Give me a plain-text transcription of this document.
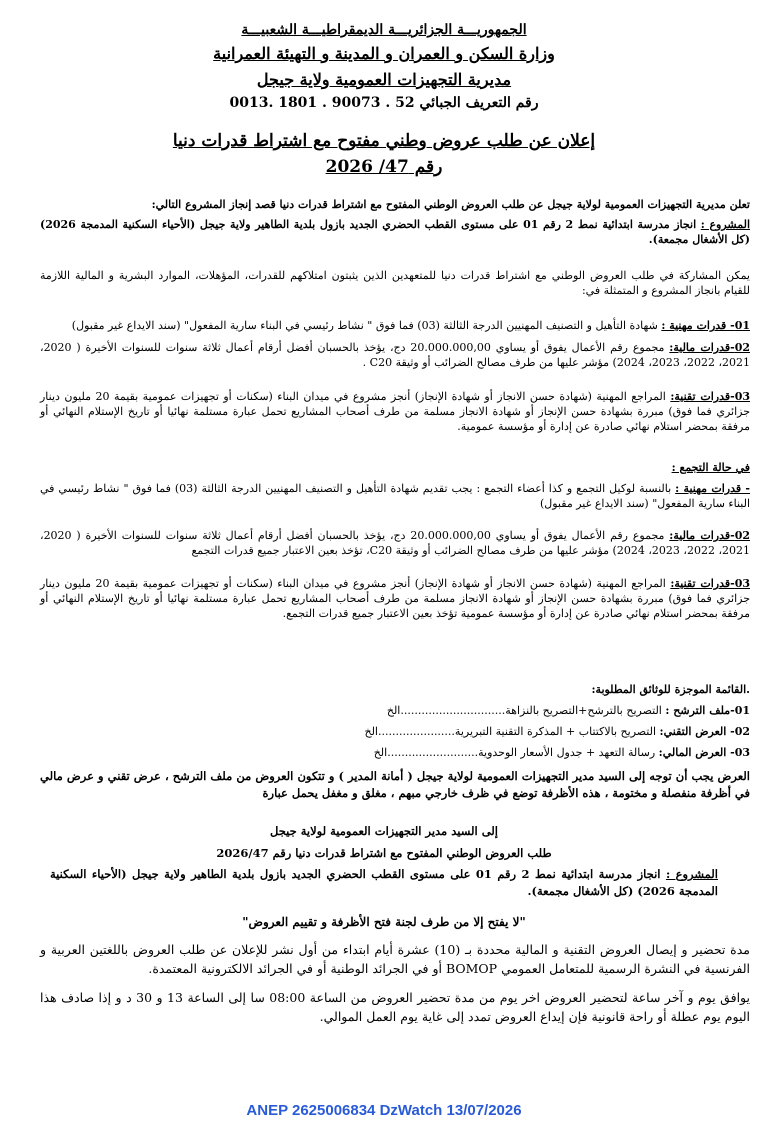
الجمهوريـــة الجزائريـــة الديمقراطيـــة الشعبيـــة
وزارة السكن و العمران و المدينة و التهيئة العمرانية
مديرية التجهيزات العمومية ولاية جيجل
رقم التعريف الجبائي 52 . 90073 . 1801 .0013
إعلان عن طلب عروض وطني مفتوح مع اشتراط قدرات دنيا
رقم 47/ 2026
تعلن مديرية التجهيزات العمومية لولاية جيجل عن طلب العروض الوطني المفتوح مع اشتراط قدرات دنيا قصد إنجاز المشروع التالي:
المشروع : انجاز مدرسة ابتدائية نمط 2 رقم 01 على مستوى القطب الحضري الجديد بازول بلدية الطاهير ولاية جيجل (الأحياء السكنية المدمجة 2026) (كل الأشغال مجمعة).
يمكن المشاركة في طلب العروض الوطني مع اشتراط قدرات دنيا للمتعهدين الذين يثبتون امتلاكهم للقدرات، المؤهلات، الموارد البشرية و المالية اللازمة للقيام بانجاز المشروع و المتمثلة في:
01- قدرات مهنية : شهادة التأهيل و التصنيف المهنيين الدرجة الثالثة (03) فما فوق " نشاط رئيسي في البناء سارية المفعول" (سند الايداع غير مقبول)
02-قدرات مالية: مجموع رقم الأعمال يفوق أو يساوي 20.000.000,00 دج، يؤخذ بالحسبان أفضل أرقام أعمال ثلاثة سنوات للسنوات الأخيرة ( 2020، 2021، 2022، 2023، 2024) مؤشر عليها من طرف مصالح الضرائب أو وثيقة C20 .
03-قدرات تقنية: المراجع المهنية (شهادة حسن الانجاز أو شهادة الإنجاز) أنجز مشروع في ميدان البناء (سكنات أو تجهيزات عمومية بقيمة 20 مليون دينار جزائري فما فوق) مبررة بشهادة حسن الإنجاز أو شهادة الانجاز مسلمة من طرف أصحاب المشاريع تحمل عبارة مستلمة نهائيا أو تاريخ الإستلام النهائي أو مرفقة بمحضر استلام نهائي صادرة عن إدارة أو مؤسسة عمومية.
في حالة التجمع :
- قدرات مهنية : بالنسبة لوكيل التجمع و كذا أعضاء التجمع : يجب تقديم شهادة التأهيل و التصنيف المهنيين الدرجة الثالثة (03) فما فوق " نشاط رئيسي في البناء سارية المفعول" (سند الايداع غير مقبول)
02-قدرات مالية: مجموع رقم الأعمال يفوق أو يساوي 20.000.000,00 دج، يؤخذ بالحسبان أفضل أرقام أعمال ثلاثة سنوات للسنوات الأخيرة ( 2020، 2021، 2022، 2023، 2024) مؤشر عليها من طرف مصالح الضرائب أو وثيقة C20، تؤخذ بعين الاعتبار جميع قدرات التجمع
03-قدرات تقنية: المراجع المهنية (شهادة حسن الانجاز أو شهادة الإنجاز) أنجز مشروع في ميدان البناء (سكنات أو تجهيزات عمومية بقيمة 20 مليون دينار جزائري فما فوق) مبررة بشهادة حسن الإنجاز أو شهادة الانجاز مسلمة من طرف أصحاب المشاريع تحمل عبارة مستلمة نهائيا أو تاريخ الإستلام النهائي أو مرفقة بمحضر استلام نهائي صادرة عن إدارة أو مؤسسة عمومية تؤخذ بعين الاعتبار جميع قدرات التجمع.
.القائمة الموجزة للوثائق المطلوبة:
01-ملف الترشح : التصريح بالترشح+التصريح بالنزاهة..............................الخ
02- العرض التقني: التصريح بالاكتتاب + المذكرة التقنية التبريرية......................الخ
03- العرض المالي: رسالة التعهد + جدول الأسعار الوحدوية..........................الخ
العرض يجب أن توجه إلى السيد مدير التجهيزات العمومية لولاية جيجل ( أمانة المدير ) و تتكون العروض من ملف الترشح ، عرض تقني و عرض مالي في أظرفة منفصلة و مختومة ، هذه الأظرفة توضع في ظرف خارجي مبهم ، مغلق و مغفل يحمل عبارة
إلى السيد مدير التجهيزات العمومية لولاية جيجل
طلب العروض الوطني المفتوح مع اشتراط قدرات دنيا رقم 2026/47
المشروع : انجاز مدرسة ابتدائية نمط 2 رقم 01 على مستوى القطب الحضري الجديد بازول بلدية الطاهير ولاية جيجل (الأحياء السكنية المدمجة 2026) (كل الأشغال مجمعة).
"لا يفتح إلا من طرف لجنة فتح الأظرفة و تقييم العروض"
مدة تحضير و إيصال العروض التقنية و المالية محددة بـ (10) عشرة أيام ابتداء من أول نشر للإعلان عن طلب العروض باللغتين العربية و الفرنسية في النشرة الرسمية للمتعامل العمومي BOMOP أو في الجرائد الوطنية أو في الجرائد الالكترونية المعتمدة.
يوافق يوم و آخر ساعة لتحضير العروض اخر يوم من مدة تحضير العروض من الساعة 08:00 سا إلى الساعة 13 و 30 د و إذا صادف هذا اليوم يوم عطلة أو راحة قانونية فإن إيداع العروض تمدد إلى غاية يوم العمل الموالي.
ANEP 2625006834 DzWatch 13/07/2026
